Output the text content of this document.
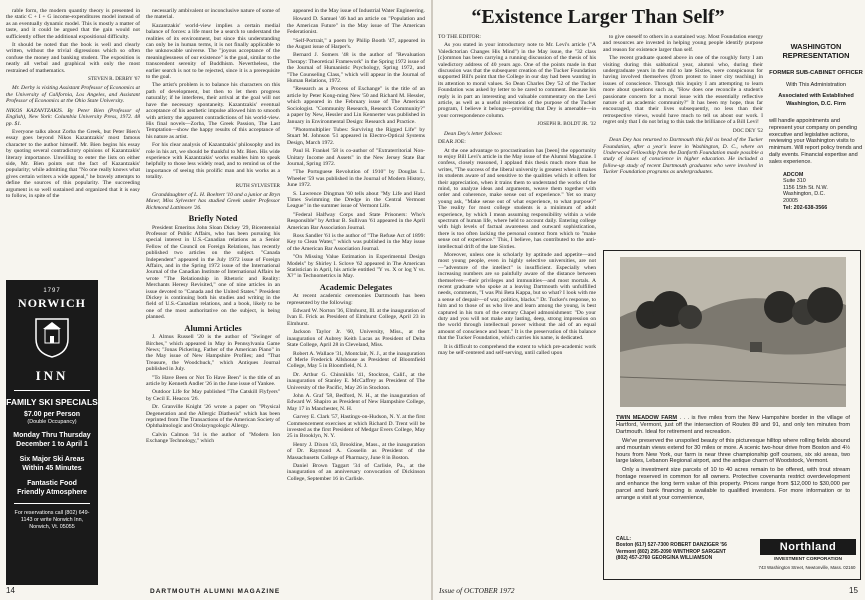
rable form, the modern quantity theory is presented in the static C + I + G income-expenditures model instead of as an eventually dynamic model. This is mostly a matter of taste, and it could be argued that the gain would not sufficiently offset the additional expositional difficulty.

It should be noted that the book is well and clearly written, without the trivial digressions which so often confuse the money and banking student. The exposition is neatly all verbal and graphical with only the most restrained of mathematics.

STEVEN R. DERBY '67

Mr. Derby is visiting Assistant Professor of Economics at the University of California, Los Angeles, and Assistant Professor of Economics at the Ohio State University.

NIKOS KAZANTZAKIS. By Peter Bien (Professor of English), New York: Columbia University Press, 1972. 48 pp. $1.

Everyone talks about Zorba the Greek, but Peter Bien's essay goes beyond Nikos Kazantzakis' most famous character to the author himself. Mr. Bien begins his essay by quoting several contradictory opinions of Kazantzakis' literary importance. Unwilling to enter the lists on either side, Mr. Bien points out the fact of Kazantzakis' popularity; while admitting that "No one really knows what gives certain writers a wide appeal," he bravely attempts to define the sources of this popularity. The succeeding argument is so well sustained and organized that it is easy to follow, in spite of the

1797
NORWICH
INN
FAMILY SKI SPECIALS
$7.00 per Person
(Double Occupancy)
Monday Thru Thursday
December 1 to April 1
Six Major Ski Areas Within 45 Minutes
Fantastic Food
Friendly Atmosphere
For reservations call (802) 649-1143 or write Norwich Inn, Norwich, Vt. 05055

necessarily ambivalent or inconclusive nature of some of the material.

Kazantzakis' world-view implies a certain medial balance of forces: a life must be a search to understand the realities of its environment, but since this understanding can only be in human terms, it is not finally applicable to the unknowable universe. The "joyous acceptance of the meaninglessness of our existence" is the goal, similar to the transcendent serenity of Buddhism. Nevertheless, the earlier search is not to be rejected, since it is a prerequisite to the goal.

The artist's problem is to balance his characters on this path of development, but then to let them progress naturally; if he interferes, their arrival at the goal will not have the necessary spontaneity. Kazantzakis' eventual acceptance of his aesthetic impulse allowed him to smooth with artistry the apparent contradictions of his world-view. His final novels—Zorba, The Greek Passion, The Last Temptation—show the happy results of this acceptance of his nature as artist.

For his clear analysis of Kazantzakis' philosophy and its role in his art, we should be thankful to Mr. Bien. His wide experience with Kazantzakis' works enables him to speak helpfully to those less widely read, and to remind us of the importance of seeing this prolific man and his works as a totality.

RUTH SYLVESTER

Granddaughter of L. H. Boeltert '10 and a junior at Bryn Mawr, Miss Sylvester has studied Greek under Professor Richmond Lattimore '26.

Briefly Noted

President Emeritus John Sloan Dickey '29, Bicentennial Professor of Public Affairs, who has been pursuing his special interest in U.S.-Canadian relations as a Senior Fellow of the Council on Foreign Relations, has recently published two articles on the subject. "Canada Independent" appeared in the July 1972 issue of Foreign Affairs, and in the Spring 1972 issue of the International Journal of the Canadian Institute of International Affairs he wrote "The Relationship in Rhetoric and Reality: Merchants Heresy Revisited," one of nine articles in an issue devoted to "Canada and the United States." President Dickey is continuing both his studies and writing in the field of U.S.-Canadian relations, and a book, likely to be one of the most authoritative on the subject, is being planned.

Alumni Articles

J. Almus Russell '20 is the author of "Swinger of Birches," which appeared in May in Pennsylvania Game News; "Jonas Pickering, Father of the American Piano" in the May issue of New Hampshire Profiles; and "That Treasure, the Woodchuck," which Antiques Journal published in July.

"To Have Been or Not To Have Been" is the title of an article by Kenneth Andler '26 in the June issue of Yankee.

Outdoor Life for May published "The Catskill Flyfyers" by Cecil E. Heacox '26.

Dr. Granville Knight '26 wrote a paper on "Physical Degeneration and the Allergic Diathesis" which has been reprinted from The Transactions of the American Society of Ophthalmologic and Otolaryngologic Allergy.

Calvin Calmon '34 is the author of "Modern Ion Exchange Technology," which

appeared in the May issue of Industrial Water Engineering.

Howard D. Samuel '46 had an article on "Population and the American Future" in the May issue of The American Federationist.

"Self-Portrait," a poem by Philip Booth '47, appeared in the August issue of Harper's.

Bernard J. Somers '48 is the author of "Revaluation Therapy: Theoretical Framework" in the Spring 1972 issue of the Journal of Humanistic Psychology, Spring 1972, and "The Counseling Class," which will appear in the Journal of Human Relations, 1972.

"Research as a Process of Exchange" is the title of an article by Peter Kong-ming New '50 and Richard M. Hessler, which appeared in the February issue of The American Sociologist. "Community Research, Research Community?" a paper by New, Hessler and Lin Kennerter was published in January in Environmental Design: Research and Practice.

"Photomultiplier Tubes: Surviving the Rigged Life" by Stuart M. Johnson '51 appeared in Electro-Optical Systems Design, March 1972.

Paul H. Frankel '58 is co-author of "Extraterritorial Non-Unitary Income and Assets" in the New Jersey State Bar Journal, Spring 1972.

"The Portuguese Revolution of 1910" by Douglas L. Wheeler '59 was published in the Journal of Modern History, June 1972.

S. Lawrence Dingman '60 tells about "My Life and Hard Times Swimming the Dredge in the Central Vermont League" in the summer issue of Vermont Life.

"Federal Halfway Corps and State Prisoners: Who's Responsible" by Arthur B. Sullivan '61 appeared in the April American Bar Association Journal.

Ross Sandler '61 is the author of "The Refuse Act of 1899: Key to Clean Water," which was published in the May issue of the American Bar Association Journal.

"On Missing Value Estimation in Experimental Design Models" by Shirley I. Sclove '62 appeared in The American Statistician in April, his article entitled "Y vs. X or log Y vs. X?" in Technometrics in May.

Academic Delegates

At recent academic ceremonies Dartmouth has been represented by the following:

Edward W. Norton '36, Elmhurst, Ill. at the inauguration of Ivan E. Frick as President of Elmhurst College, April 23 in Elmhurst.

Jackson Taylor Jr. '60, University, Miss., at the inauguration of Aubrey Keith Lucas as President of Delta State College, April 28 in Cleveland, Miss.

Robert A. Wallace '31, Montclair, N. J., at the inauguration of Merle Frederick Allshouse as President of Bloomfield College, May 5 in Bloomfield, N. J.

Dr. Arthur G. Chinniklis '41, Stockton, Calif., at the inauguration of Stanley E. McCaffrey as President of The University of the Pacific, May 26 in Stockton.

John A. Graf '58, Bedford, N. H., at the inauguration of Edward W. Shapiro as President of New Hampshire College, May 17 in Manchester, N. H.

Garvey E. Clark '57, Hastings-on-Hudson, N. Y. at the first Commencement exercises at which Richard D. Trent will be invested as the first President of Medgar Evers College, May 25 in Brooklyn, N. Y.

Henry J. Dixon '43, Brookline, Mass., at the inauguration of Dr. Raymond A. Gosselin as President of the Massachusetts College of Pharmacy, June 8 in Boston.

Daniel Brown Taggart '34 of Carlisle, Pa., at the inauguration of an anniversary convocation of Dickinson College, September 16 in Carlisle.

14	DARTMOUTH ALUMNI MAGAZINE
“Existence Larger Than Self”

TO THE EDITOR:

As you stated in your introductory note to Mr. Levi's article ("A Valedictorian Changes His Mind") in the May issue, the "32 class [c]ommon has been carrying a running discussion of the thesis of his valedictory address of 40 years ago. One of the points made in that discussion was that the subsequent creation of the Tucker Foundation supported Bill's point that the College in our day had been wanting in its attention to moral values. So Dean Charles Dey '52 of the Tucker Foundation was asked by letter to be cared to comment. Because his reply is in part an interesting and valuable commentary on the Levi article, as well as a useful reiteration of the purpose of the Tucker program, I believe it belongs—providing that Dey is amenable—in your correspondence column.

JOSEPH R. BOLDT JR. '32

Dean Dey's letter follows:

DEAR JOE:

At the one advantage to procrastination has [been] the opportunity to enjoy Bill Levi's article in the May issue of the Alumni Magazine. I confess, closely reasoned, I applaud this thesis much more than he writes, "The success of the liberal university is greatest when it makes its students aware of and sensitive to the qualities which it offers for their appreciation, when it trains them to understand the works of the mind, to analyze ideas and arguments, weave them together with order and coherence, make sense out of experience." Yet so many young ask, "Make sense out of what experience, to what purpose?" The reality for most college students is a minimum of adult experience, by which I mean assuming responsibility within a wide spectrum of human life, where held to account daily. Entering college with high levels of factual awareness and outward sophistication, there is too often lacking the personal context from which to "make sense out of experience." This, I believe, has contributed to the anti-intellectual drift of the late Sixties.

Moreover, unless one is scholarly by aptitude and appetite—and most young people, even in highly selective universities, are not—"adventure of the intellect" is insufficient. Especially when increasing numbers are so painfully aware of the distance between themselves—their privileges and immunities—and most mortals. A recent graduate who spoke at a leaving Dartmouth with unfulfilled needs, comments, "I was Phi Beta Kappa, but so what? I look with me a sense of despair—of war, politics, blacks." Dr. Tucker's response, to him and to those of us who live and learn among the young, is best captured in his turn of the century Chapel admonishment: "Do your duty and you will not make any lasting, deep, strong impression on the world through intellectual power without the aid of an equal amount of conscience and heart." It is the preservation of this balance that the Tucker Foundation, which carries his name, is dedicated.

It is difficult to comprehend the extent to which pre-academic work may be self-centered and self-serving, until called upon

to give oneself to others in a sustained way. Most Foundation energy and resources are invested in helping young people identify purpose and reason for existence larger than self.

The recent graduate quoted above in one of the roughly forty I am visiting during this sabbatical year, alumni who, during their undergraduate years in the mid to late Sixties, were conspicuous for having involved themselves (from protest to inner city teaching) in issues of conscience. Through this inquiry I am attempting to learn more about questions such as, "How does one reconcile a student's passionate concern for a moral issue with the essentially reflective nature of an academic community?" It has been my hope, thus far encouraged, that their lives subsequently, no less than their retrospective views, would have much to tell us about our work. I regret only that I do not bring to this task the brilliance of a Bill Levi!

DOC DEY '52

Dean Dey has returned to Dartmouth this fall as head of the Tucker Foundation, after a year's leave in Washington, D. C., where on Underwood Fellowship from the Danforth Foundation made possible a study of issues of conscience in higher education. He included a follow-up study of recent Dartmouth graduates who were involved in Tucker Foundation programs as undergraduates.

WASHINGTON REPRESENTATION
FORMER SUB-CABINET OFFICER
With This Administration
Associated with Established Washington, D.C. Firm
will handle appointments and represent your company on pending executive and legislative actions, reviewing your Washington visits to minimum. Will report policy trends and daily events. Financial expertise and sales experience.
ADCOM
Suite 310
1156 15th St. N.W.
Washington, D.C.
20005
Tel: 202-638-3566

TWIN MEADOW FARM . . . is five miles from the New Hampshire border in the village of Hartford, Vermont, just off the intersection of Routes 89 and 91, and only ten minutes from Dartmouth. Ideal for retirement and recreation.

We've preserved the unspoiled beauty of this picturesque hilltop where rolling fields abound and mountain views extend for 30 miles or more. A scenic two-hour drive from Boston and 4½ hours from New York, our farm is near three championship golf courses, six ski areas, two large lakes, Lebanon Regional airport, and the antique charm of Woodstock, Vermont.

Only a investment size parcels of 10 to 40 acres remain to be offered, with trout stream frontage reserved in common for all owners. Protective covenants restrict overdevelopment and enhance the long term value of this property. Prices range from $12,000 to $30,000 per parcel and bank financing is available to qualified investors. For more information or to arrange a visit at your convenience,

CALL:
Boston (617) 527-7300 ROBERT DANZIGER '56
Vermont (802) 295-2090 WINTHROP SARGENT
(802) 457-2760 GEORGINA WILLIAMSON
Northland
INVESTMENT CORPORATION
743 Washington Street, Newtonville, Mass. 02160
Issue of OCTOBER 1972	15
